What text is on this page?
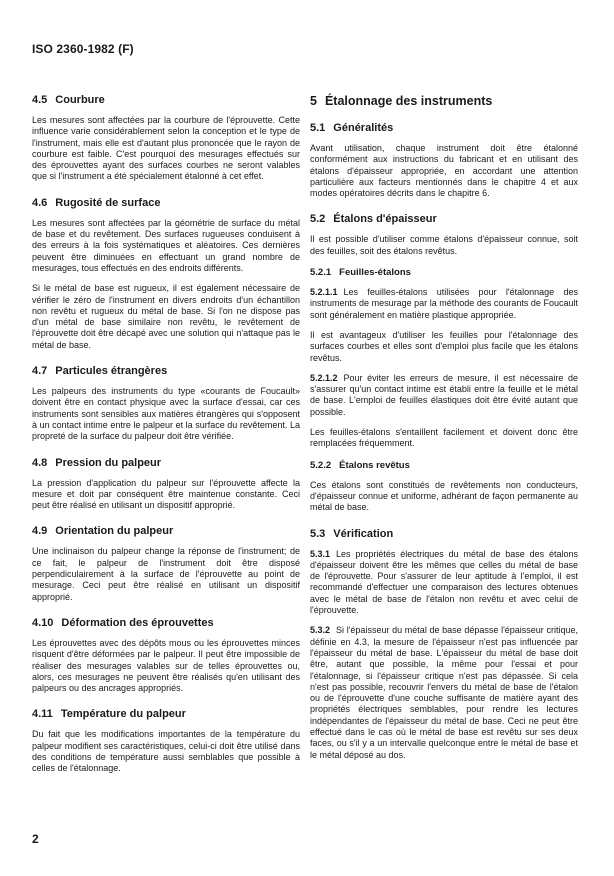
ISO 2360-1982 (F)
4.5 Courbure

Les mesures sont affectées par la courbure de l'éprouvette. Cette influence varie considérablement selon la conception et le type de l'instrument, mais elle est d'autant plus prononcée que le rayon de courbure est faible. C'est pourquoi des mesurages effectués sur des éprouvettes ayant des surfaces courbes ne seront valables que si l'instrument a été spécialement étalonné à cet effet.

4.6 Rugosité de surface

Les mesures sont affectées par la géométrie de surface du métal de base et du revêtement. Des surfaces rugueuses conduisent à des erreurs à la fois systématiques et aléatoires. Ces dernières peuvent être diminuées en effectuant un grand nombre de mesurages, tous effectués en des endroits différents.

Si le métal de base est rugueux, il est également nécessaire de vérifier le zéro de l'instrument en divers endroits d'un échantillon non revêtu et rugueux du métal de base. Si l'on ne dispose pas d'un métal de base similaire non revêtu, le revêtement de l'éprouvette doit être décapé avec une solution qui n'attaque pas le métal de base.

4.7 Particules étrangères

Les palpeurs des instruments du type «courants de Foucault» doivent être en contact physique avec la surface d'essai, car ces instruments sont sensibles aux matières étrangères qui s'opposent à un contact intime entre le palpeur et la surface du revêtement. La propreté de la surface du palpeur doit être vérifiée.

4.8 Pression du palpeur

La pression d'application du palpeur sur l'éprouvette affecte la mesure et doit par conséquent être maintenue constante. Ceci peut être réalisé en utilisant un dispositif approprié.

4.9 Orientation du palpeur

Une inclinaison du palpeur change la réponse de l'instrument; de ce fait, le palpeur de l'instrument doit être disposé perpendiculairement à la surface de l'éprouvette au point de mesurage. Ceci peut être réalisé en utilisant un dispositif approprié.

4.10 Déformation des éprouvettes

Les éprouvettes avec des dépôts mous ou les éprouvettes minces risquent d'être déformées par le palpeur. Il peut être impossible de réaliser des mesurages valables sur de telles éprouvettes ou, alors, ces mesurages ne peuvent être réalisés qu'en utilisant des palpeurs ou des ancrages appropriés.

4.11 Température du palpeur

Du fait que les modifications importantes de la température du palpeur modifient ses caractéristiques, celui-ci doit être utilisé dans des conditions de température aussi semblables que possible à celles de l'étalonnage.

5 Étalonnage des instruments
5.1 Généralités

Avant utilisation, chaque instrument doit être étalonné conformément aux instructions du fabricant et en utilisant des étalons d'épaisseur appropriée, en accordant une attention particulière aux facteurs mentionnés dans le chapitre 4 et aux modes opératoires décrits dans le chapitre 6.

5.2 Étalons d'épaisseur

Il est possible d'utiliser comme étalons d'épaisseur connue, soit des feuilles, soit des étalons revêtus.

5.2.1 Feuilles-étalons

5.2.1.1 Les feuilles-étalons utilisées pour l'étalonnage des instruments de mesurage par la méthode des courants de Foucault sont généralement en matière plastique appropriée.

Il est avantageux d'utiliser les feuilles pour l'étalonnage des surfaces courbes et elles sont d'emploi plus facile que les étalons revêtus.

5.2.1.2 Pour éviter les erreurs de mesure, il est nécessaire de s'assurer qu'un contact intime est établi entre la feuille et le métal de base. L'emploi de feuilles élastiques doit être évité autant que possible.

Les feuilles-étalons s'entaillent facilement et doivent donc être remplacées fréquemment.

5.2.2 Étalons revêtus

Ces étalons sont constitués de revêtements non conducteurs, d'épaisseur connue et uniforme, adhérant de façon permanente au métal de base.

5.3 Vérification

5.3.1 Les propriétés électriques du métal de base des étalons d'épaisseur doivent être les mêmes que celles du métal de base de l'éprouvette. Pour s'assurer de leur aptitude à l'emploi, il est recommandé d'effectuer une comparaison des lectures obtenues avec le métal de base de l'étalon non revêtu et avec celui de l'éprouvette.

5.3.2 Si l'épaisseur du métal de base dépasse l'épaisseur critique, définie en 4.3, la mesure de l'épaisseur n'est pas influencée par l'épaisseur du métal de base. L'épaisseur du métal de base doit être, autant que possible, la même pour l'essai et pour l'étalonnage, si l'épaisseur critique n'est pas dépassée. Si cela n'est pas possible, recouvrir l'envers du métal de base de l'étalon ou de l'éprouvette d'une couche suffisante de matière ayant des propriétés électriques semblables, pour rendre les lectures indépendantes de l'épaisseur du métal de base. Ceci ne peut être effectué dans le cas où le métal de base est revêtu sur ses deux faces, ou s'il y a un intervalle quelconque entre le métal de base et le métal déposé au dos.

2
